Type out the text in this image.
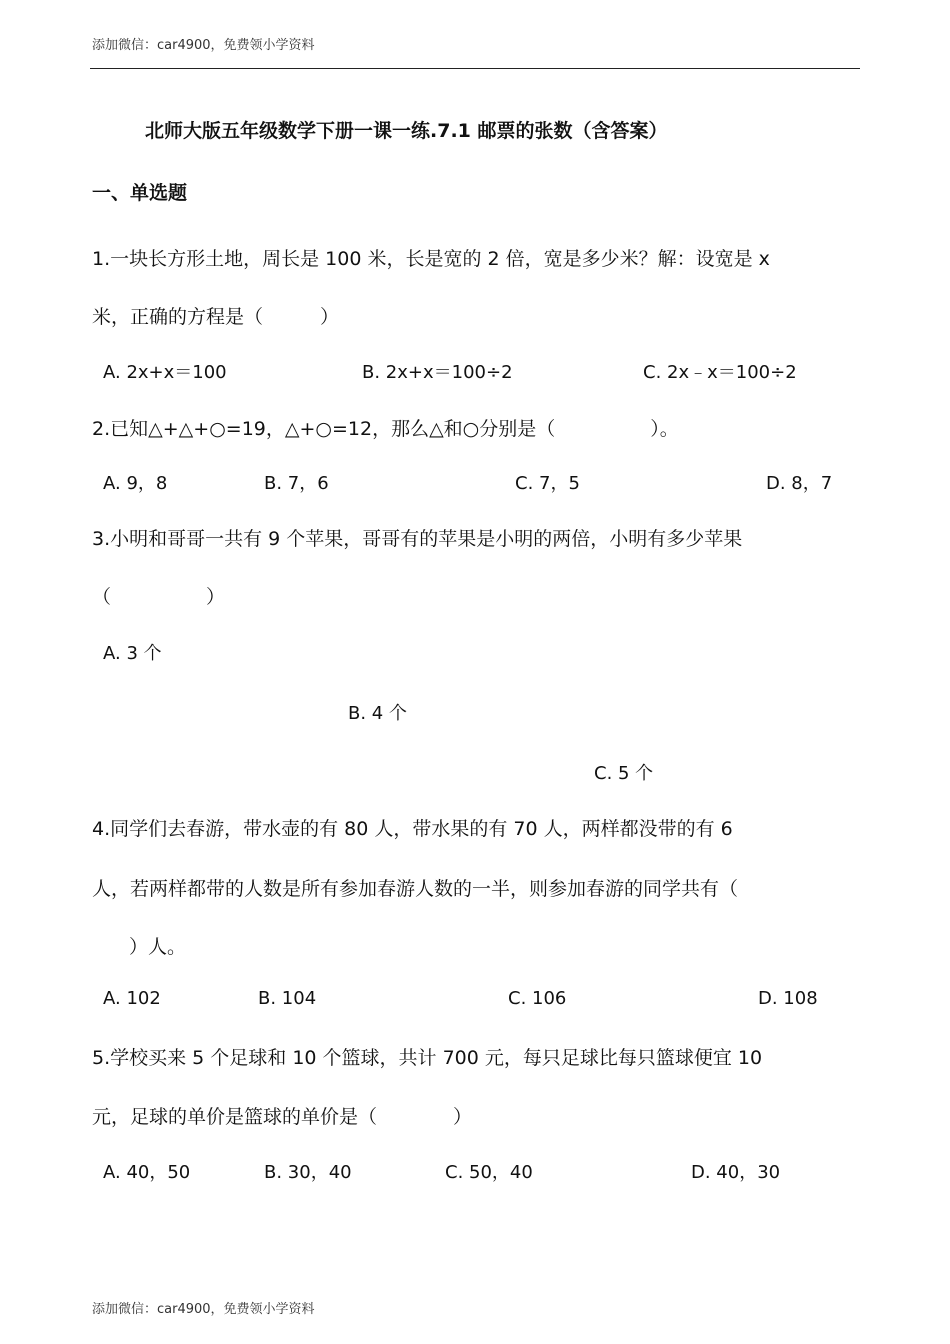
添加微信：car4900，免费领小学资料
北师大版五年级数学下册一课一练.7.1 邮票的张数（含答案）
一、单选题
1.一块长方形土地，周长是 100 米，长是宽的 2 倍，宽是多少米？解：设宽是 x
米，正确的方程是（　　　）
A. 2x+x＝100	B. 2x+x＝100÷2	C. 2x﹣x＝100÷2
2.已知△+△+○=19，△+○=12，那么△和○分别是（　　　　　）。
A. 9，8	B. 7，6	C. 7，5	D. 8，7
3.小明和哥哥一共有 9 个苹果，哥哥有的苹果是小明的两倍，小明有多少苹果
（　　　　　）
A. 3 个
B. 4 个
C. 5 个
4.同学们去春游，带水壶的有 80 人，带水果的有 70 人，两样都没带的有 6
人，若两样都带的人数是所有参加春游人数的一半，则参加春游的同学共有（
　）人。
A. 102	B. 104	C. 106	D. 108
5.学校买来 5 个足球和 10 个篮球，共计 700 元，每只足球比每只篮球便宜 10
元，足球的单价是篮球的单价是（　　　　）
A. 40，50	B. 30，40	C. 50，40	D. 40，30
添加微信：car4900，免费领小学资料
